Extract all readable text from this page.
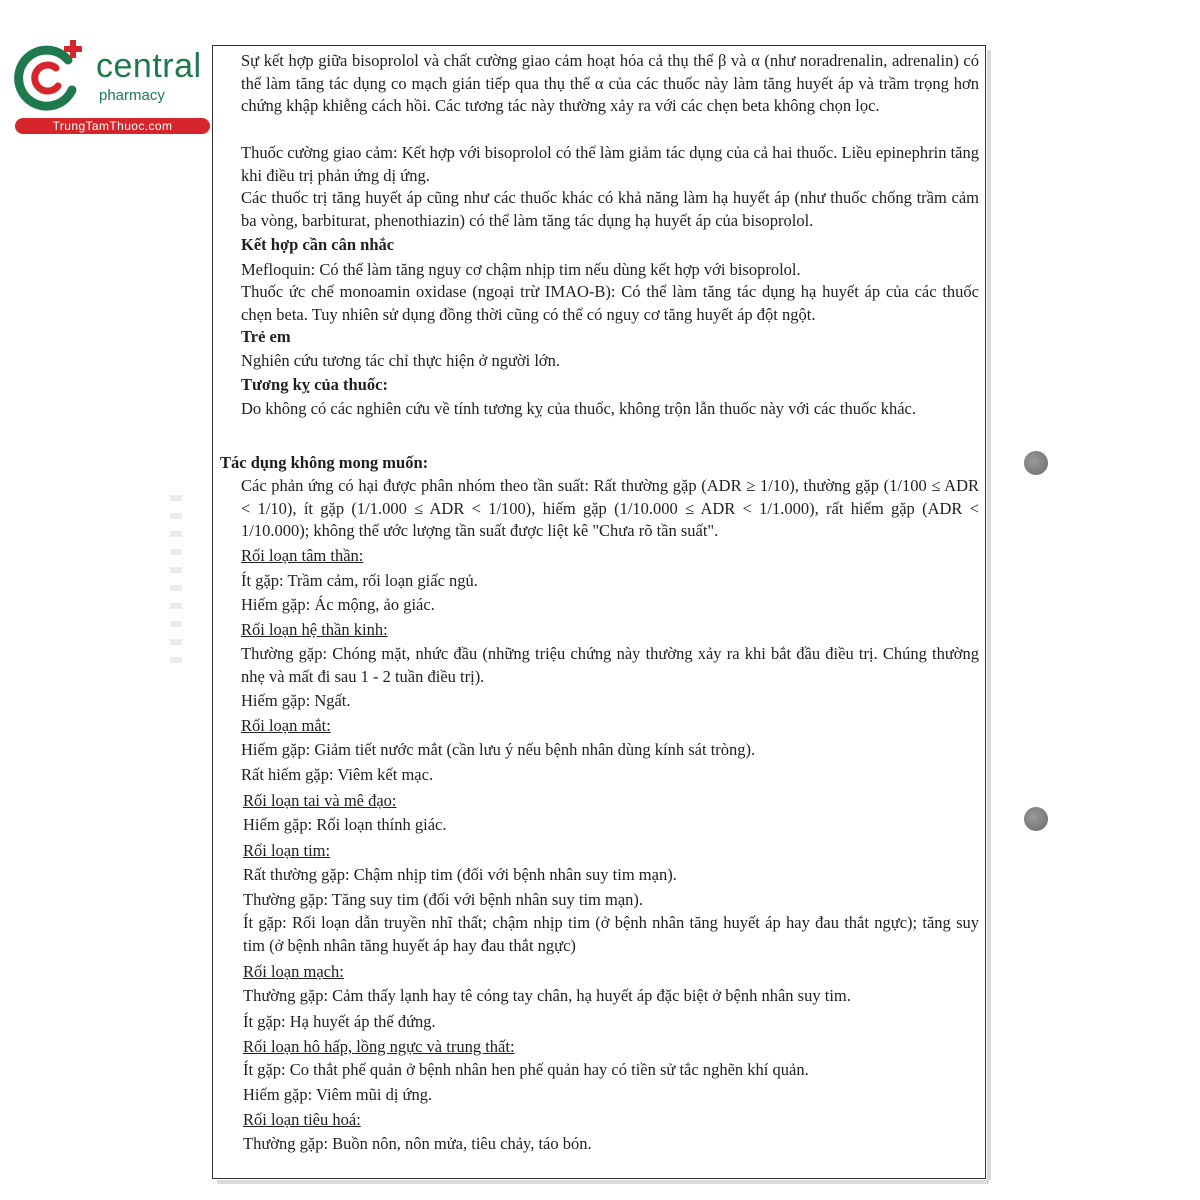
central
pharmacy
TrungTamThuoc.com

Sự kết hợp giữa bisoprolol và chất cường giao cảm hoạt hóa cả thụ thể β và α (như noradrenalin, adrenalin) có thể làm tăng tác dụng co mạch gián tiếp qua thụ thể α của các thuốc này làm tăng huyết áp và trầm trọng hơn chứng khập khiễng cách hồi. Các tương tác này thường xảy ra với các chẹn beta không chọn lọc.

Thuốc cường giao cảm: Kết hợp với bisoprolol có thể làm giảm tác dụng của cả hai thuốc. Liều epinephrin tăng khi điều trị phản ứng dị ứng.

Các thuốc trị tăng huyết áp cũng như các thuốc khác có khả năng làm hạ huyết áp (như thuốc chống trầm cảm ba vòng, barbiturat, phenothiazin) có thể làm tăng tác dụng hạ huyết áp của bisoprolol.

Kết hợp cần cân nhắc

Mefloquin: Có thể làm tăng nguy cơ chậm nhịp tim nếu dùng kết hợp với bisoprolol.

Thuốc ức chế monoamin oxidase (ngoại trừ IMAO-B): Có thể làm tăng tác dụng hạ huyết áp của các thuốc chẹn beta. Tuy nhiên sử dụng đồng thời cũng có thể có nguy cơ tăng huyết áp đột ngột.

Trẻ em

Nghiên cứu tương tác chỉ thực hiện ở người lớn.

Tương kỵ của thuốc:

Do không có các nghiên cứu về tính tương kỵ của thuốc, không trộn lẫn thuốc này với các thuốc khác.

Tác dụng không mong muốn:

Các phản ứng có hại được phân nhóm theo tần suất: Rất thường gặp (ADR ≥ 1/10), thường gặp (1/100 ≤ ADR < 1/10), ít gặp (1/1.000 ≤ ADR < 1/100), hiếm gặp (1/10.000 ≤ ADR < 1/1.000), rất hiếm gặp (ADR < 1/10.000); không thể ước lượng tần suất được liệt kê "Chưa rõ tần suất".

Rối loạn tâm thần:

Ít gặp: Trầm cảm, rối loạn giấc ngủ.

Hiếm gặp: Ác mộng, ảo giác.

Rối loạn hệ thần kinh:

Thường gặp: Chóng mặt, nhức đầu (những triệu chứng này thường xảy ra khi bắt đầu điều trị. Chúng thường nhẹ và mất đi sau 1 - 2 tuần điều trị).

Hiếm gặp: Ngất.

Rối loạn mắt:

Hiếm gặp: Giảm tiết nước mắt (cần lưu ý nếu bệnh nhân dùng kính sát tròng).

Rất hiếm gặp: Viêm kết mạc.

Rối loạn tai và mê đạo:

Hiếm gặp: Rối loạn thính giác.

Rối loạn tim:

Rất thường gặp: Chậm nhịp tim (đối với bệnh nhân suy tim mạn).

Thường gặp: Tăng suy tim (đối với bệnh nhân suy tim mạn).

Ít gặp: Rối loạn dẫn truyền nhĩ thất; chậm nhịp tim (ở bệnh nhân tăng huyết áp hay đau thắt ngực); tăng suy tim (ở bệnh nhân tăng huyết áp hay đau thắt ngực)

Rối loạn mạch:

Thường gặp: Cảm thấy lạnh hay tê cóng tay chân, hạ huyết áp đặc biệt ở bệnh nhân suy tim.

Ít gặp: Hạ huyết áp thế đứng.

Rối loạn hô hấp, lồng ngực và trung thất:

Ít gặp: Co thắt phế quản ở bệnh nhân hen phế quản hay có tiền sử tắc nghẽn khí quản.

Hiếm gặp: Viêm mũi dị ứng.

Rối loạn tiêu hoá:

Thường gặp: Buồn nôn, nôn mửa, tiêu chảy, táo bón.
